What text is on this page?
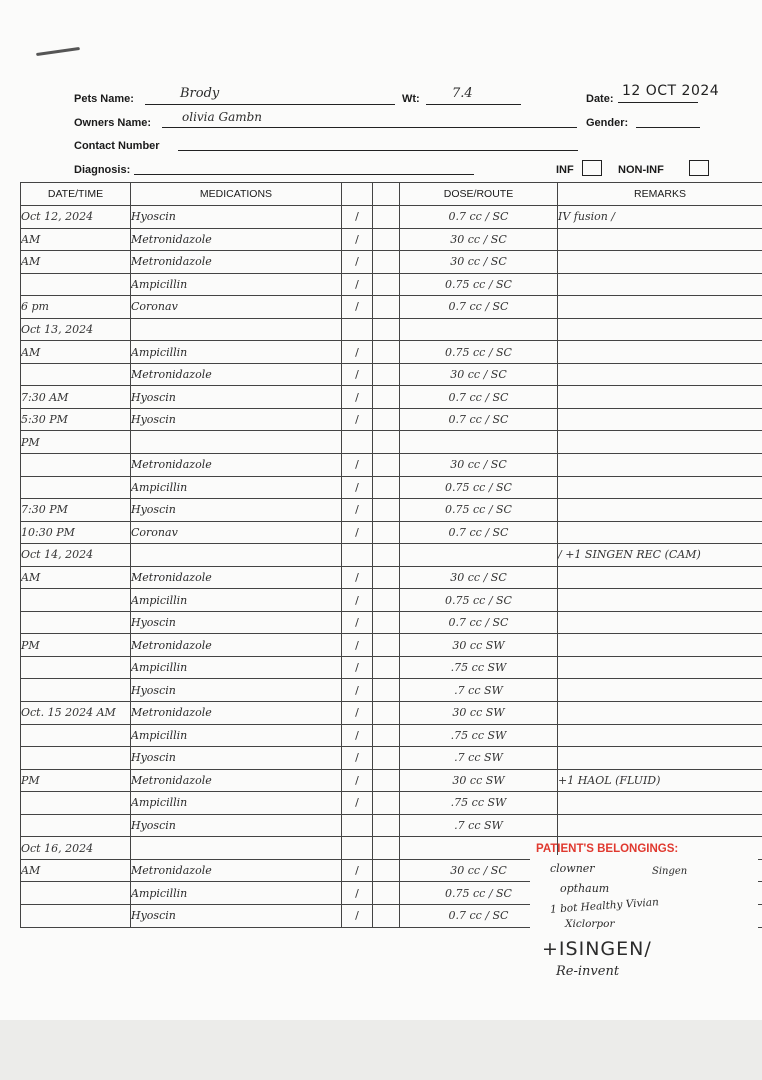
Pets Name:	Brody	Wt: 7.4	Date: 12 OCT 2024
Owners Name:	olivia Gambn	Gender:
Contact Number
Diagnosis:	INF	NON-INF
DATE/TIME	MEDICATIONS			DOSE/ROUTE	REMARKS
Oct 12, 2024	Hyoscin	/		0.7 cc / SC	IV fusion /
AM	Metronidazole	/		30 cc / SC	
AM	Metronidazole	/		30 cc / SC	
	Ampicillin	/		0.75 cc / SC	
6 pm	Coronav	/		0.7 cc / SC	
Oct 13, 2024					
AM	Ampicillin	/		0.75 cc / SC	
	Metronidazole	/		30 cc / SC	
7:30 AM	Hyoscin	/		0.7 cc / SC	
5:30 PM	Hyoscin	/		0.7 cc / SC	
PM					
	Metronidazole	/		30 cc / SC	
	Ampicillin	/		0.75 cc / SC	
7:30 PM	Hyoscin	/		0.75 cc / SC	
10:30 PM	Coronav	/		0.7 cc / SC	
Oct 14, 2024					/ +1 SINGEN REC (CAM)
AM	Metronidazole	/		30 cc / SC	
	Ampicillin	/		0.75 cc / SC	
	Hyoscin	/		0.7 cc / SC	
PM	Metronidazole	/		30 cc SW	
	Ampicillin	/		.75 cc SW	
	Hyoscin	/		.7 cc SW	
Oct. 15 2024 AM	Metronidazole	/		30 cc SW	
	Ampicillin	/		.75 cc SW	
	Hyoscin	/		.7 cc SW	
PM	Metronidazole	/		30 cc SW	+1 HAOL (FLUID)
	Ampicillin	/		.75 cc SW	
	Hyoscin			.7 cc SW	
Oct 16, 2024					
AM	Metronidazole	/		30 cc / SC	
	Ampicillin	/		0.75 cc / SC	
	Hyoscin	/		0.7 cc / SC	
PATIENT'S BELONGINGS:
clowner	Singen
opthaum
1 bot Healthy Vivian
Xiclorpor
+ISINGEN/
Re-invent
